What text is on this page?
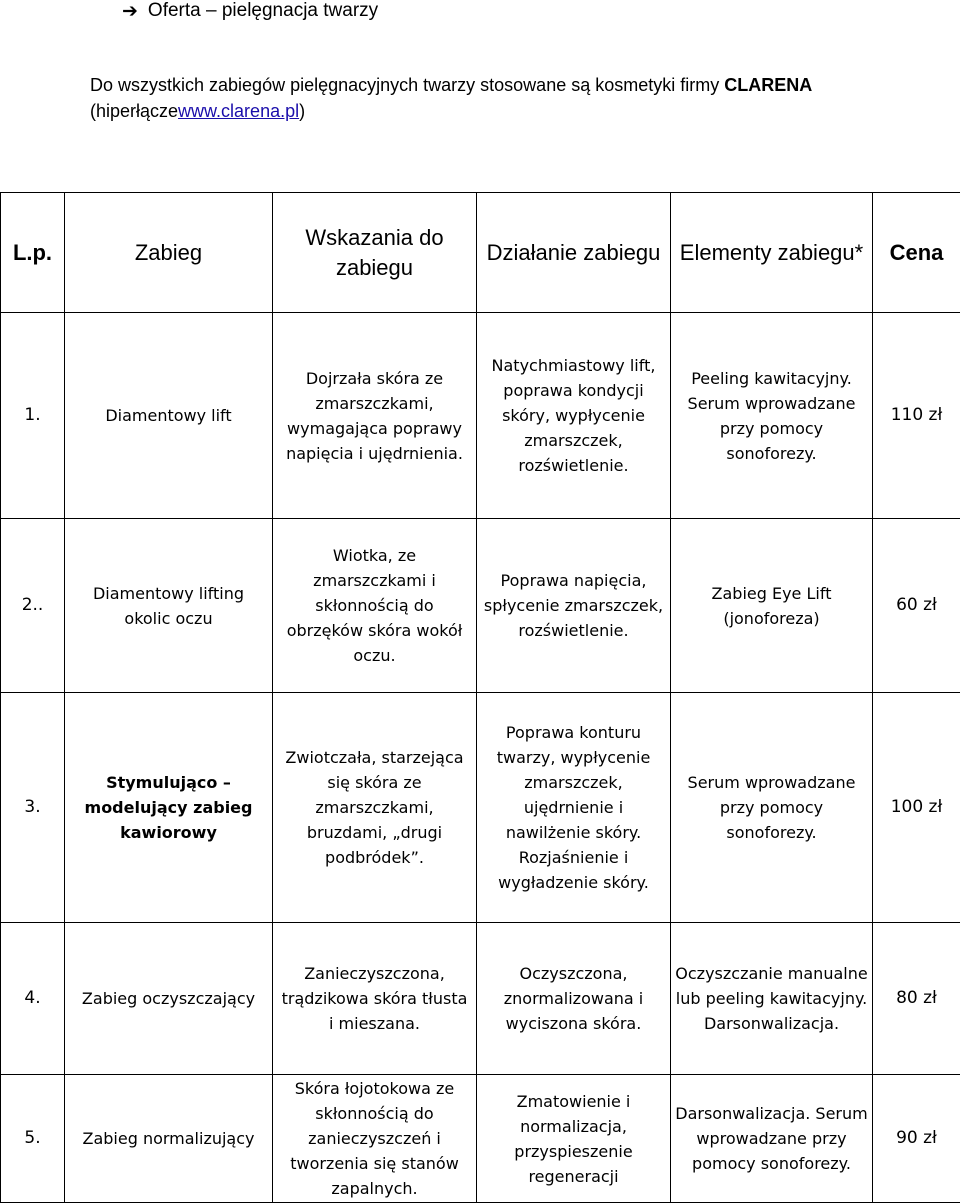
➔ Oferta – pielęgnacja twarzy
Do wszystkich zabiegów pielęgnacyjnych twarzy stosowane są kosmetyki firmy CLARENA
(hiperłączewww.clarena.pl)
L.p.	Zabieg	Wskazania do zabiegu	Działanie zabiegu	Elementy zabiegu*	Cena
1.	Diamentowy lift	Dojrzała skóra ze zmarszczkami, wymagająca poprawy napięcia i ujędrnienia.	Natychmiastowy lift, poprawa kondycji skóry, wypłycenie zmarszczek, rozświetlenie.	Peeling kawitacyjny. Serum wprowadzane przy pomocy sonoforezy.	110 zł
2..	Diamentowy lifting okolic oczu	Wiotka, ze zmarszczkami i skłonnością do obrzęków skóra wokół oczu.	Poprawa napięcia, spłycenie zmarszczek, rozświetlenie.	Zabieg Eye Lift (jonoforeza)	60 zł
3.	Stymulująco – modelujący zabieg kawiorowy	Zwiotczała, starzejąca się skóra ze zmarszczkami, bruzdami, „drugi podbródek”.	Poprawa konturu twarzy, wypłycenie zmarszczek, ujędrnienie i nawilżenie skóry. Rozjaśnienie i wygładzenie skóry.	Serum wprowadzane przy pomocy sonoforezy.	100 zł
4.	Zabieg oczyszczający	Zanieczyszczona, trądzikowa skóra tłusta i mieszana.	Oczyszczona, znormalizowana i wyciszona skóra.	Oczyszczanie manualne lub peeling kawitacyjny. Darsonwalizacja.	80 zł
5.	Zabieg normalizujący	Skóra łojotokowa ze skłonnością do zanieczyszczeń i tworzenia się stanów zapalnych.	Zmatowienie i normalizacja, przyspieszenie regeneracji	Darsonwalizacja. Serum wprowadzane przy pomocy sonoforezy.	90 zł
